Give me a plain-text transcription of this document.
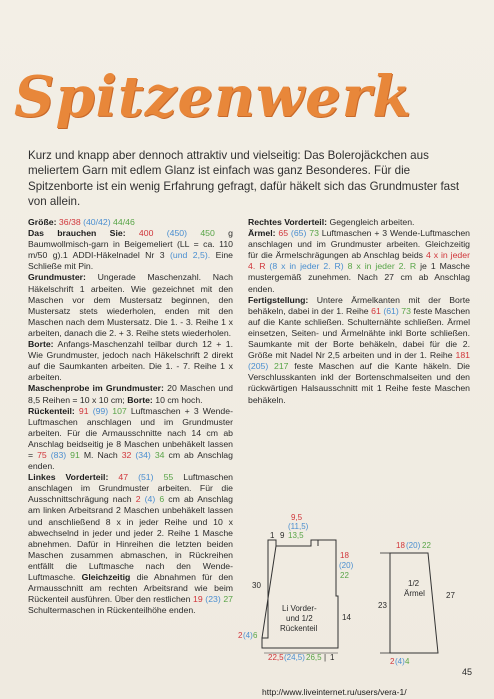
Spitzenwerk
Kurz und knapp aber dennoch attraktiv und vielseitig: Das Bolerojäckchen aus meliertem Garn mit edlem Glanz ist einfach was ganz Besonderes. Für die Spitzenborte ist ein wenig Erfahrung gefragt, dafür häkelt sich das Grundmuster fast von allein.

Größe: 36/38 (40/42) 44/46

Das brauchen Sie: 400 (450) 450 g Baumwollmisch-garn in Beigemeliert (LL = ca. 110 m/50 g).1 ADDI-Häkelnadel Nr 3 (und 2,5). Eine Schließe mit Pin.

Grundmuster: Ungerade Maschenzahl. Nach Häkelschrift 1 arbeiten. Wie gezeichnet mit den Maschen vor dem Mustersatz beginnen, den Mustersatz stets wiederholen, enden mit den Maschen nach dem Mustersatz. Die 1. - 3. Reihe 1 x arbeiten, danach die 2. + 3. Reihe stets wiederholen.

Borte: Anfangs-Maschenzahl teilbar durch 12 + 1. Wie Grundmuster, jedoch nach Häkelschrift 2 direkt auf die Saumkanten arbeiten. Die 1. - 7. Reihe 1 x arbeiten.

Maschenprobe im Grundmuster: 20 Maschen und 8,5 Reihen = 10 x 10 cm; Borte: 10 cm hoch.

Rückenteil: 91 (99) 107 Luftmaschen + 3 Wende-Luftmaschen anschlagen und im Grundmuster arbeiten. Für die Armausschnitte nach 14 cm ab Anschlag beidseitig je 8 Maschen unbehäkelt lassen = 75 (83) 91 M. Nach 32 (34) 34 cm ab Anschlag enden.

Linkes Vorderteil: 47 (51) 55 Luftmaschen anschlagen im Grundmuster arbeiten. Für die Ausschnittschrägung nach 2 (4) 6 cm ab Anschlag am linken Arbeitsrand 2 Maschen unbehäkelt lassen und anschließend 8 x in jeder Reihe und 10 x abwechselnd in jeder und jeder 2. Reihe 1 Masche abnehmen. Dafür in Hinreihen die letzten beiden Maschen zusammen abmaschen, in Rückreihen entfällt die Luftmasche nach den Wende-Luftmasche. Gleichzeitig die Abnahmen für den Armausschnitt am rechten Arbeitsrand wie beim Rückenteil ausführen. Über den restlichen 19 (23) 27 Schultermaschen in Rückenteilhöhe enden.

Rechtes Vorderteil: Gegengleich arbeiten.

Ärmel: 65 (65) 73 Luftmaschen + 3 Wende-Luftmaschen anschlagen und im Grundmuster arbeiten. Gleichzeitig für die Ärmelschrägungen ab Anschlag beids 4 x in jeder 4. R (8 x in jeder 2. R) 8 x in jeder 2. R je 1 Masche mustergemäß zunehmen. Nach 27 cm ab Anschlag enden.

Fertigstellung: Untere Ärmelkanten mit der Borte behäkeln, dabei in der 1. Reihe 61 (61) 73 feste Maschen auf die Kante schließen. Schulternähte schließen. Ärmel einsetzen, Seiten- und Ärmelnähte inkl Borte schließen. Saumkante mit der Borte behäkeln, dabei für die 2. Größe mit Nadel Nr 2,5 arbeiten und in der 1. Reihe 181 (205) 217 feste Maschen auf die Kante häkeln. Die Verschlusskanten inkl der Bortenschmalseiten und den rückwärtigen Halsausschnitt mit 1 Reihe feste Maschen behäkeln.

9,5
(11,5)
13,5
1 9
18
(20)
22
30
14
Li Vorder-
und 1/2
Rückenteil
2 (4) 6
22,5 (24,5) 26,5 | 1
18 (20) 22
23
27
1/2
Ärmel
2 (4) 4
45
http://www.liveinternet.ru/users/vera-1/
